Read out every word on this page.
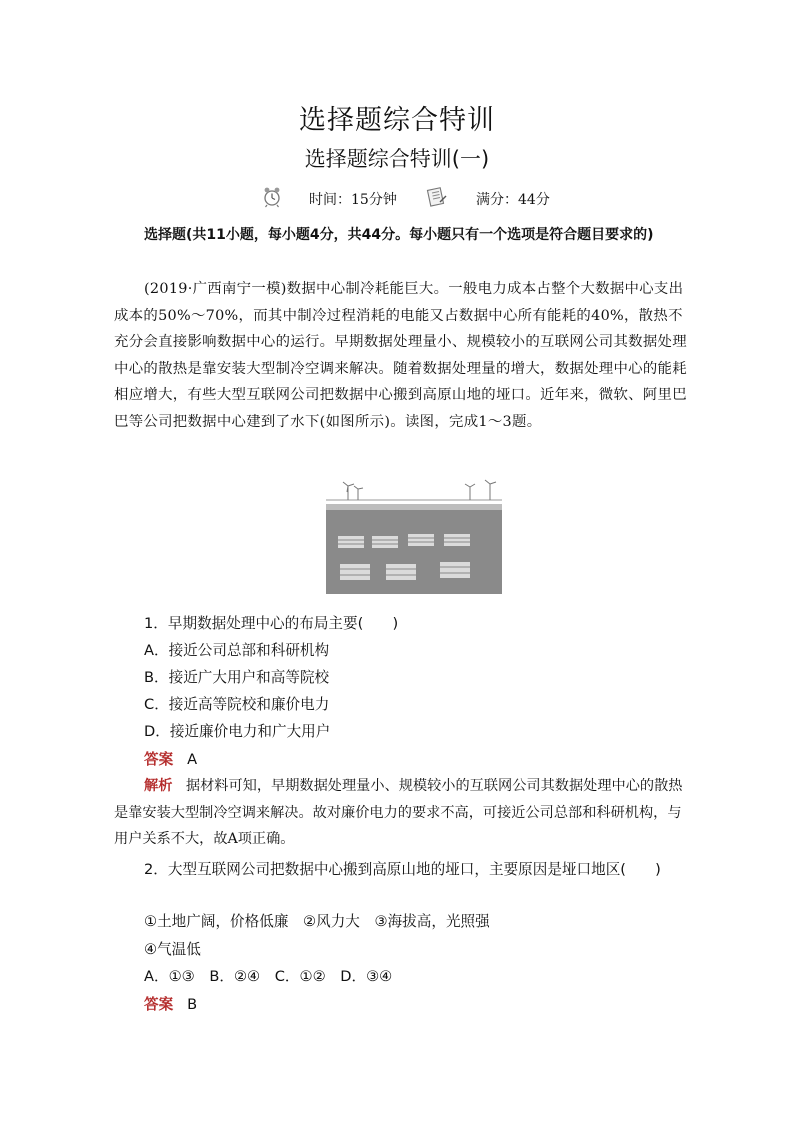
选择题综合特训
选择题综合特训(一)
时间：15分钟	满分：44分
选择题(共11小题，每小题4分，共44分。每小题只有一个选项是符合题目要求的)
(2019·广西南宁一模)数据中心制冷耗能巨大。一般电力成本占整个大数据中心支出成本的50%～70%，而其中制冷过程消耗的电能又占数据中心所有能耗的40%，散热不充分会直接影响数据中心的运行。早期数据处理量小、规模较小的互联网公司其数据处理中心的散热是靠安装大型制冷空调来解决。随着数据处理量的增大，数据处理中心的能耗相应增大，有些大型互联网公司把数据中心搬到高原山地的垭口。近年来，微软、阿里巴巴等公司把数据中心建到了水下(如图所示)。读图，完成1～3题。
1．早期数据处理中心的布局主要(　　)
A．接近公司总部和科研机构
B．接近广大用户和高等院校
C．接近高等院校和廉价电力
D．接近廉价电力和广大用户
答案 A
解析 据材料可知，早期数据处理量小、规模较小的互联网公司其数据处理中心的散热是靠安装大型制冷空调来解决。故对廉价电力的要求不高，可接近公司总部和科研机构，与用户关系不大，故A项正确。
2．大型互联网公司把数据中心搬到高原山地的垭口，主要原因是垭口地区(　　)
①土地广阔，价格低廉　②风力大　③海拔高，光照强
④气温低
A．①③　B．②④　C．①②　D．③④
答案 B
